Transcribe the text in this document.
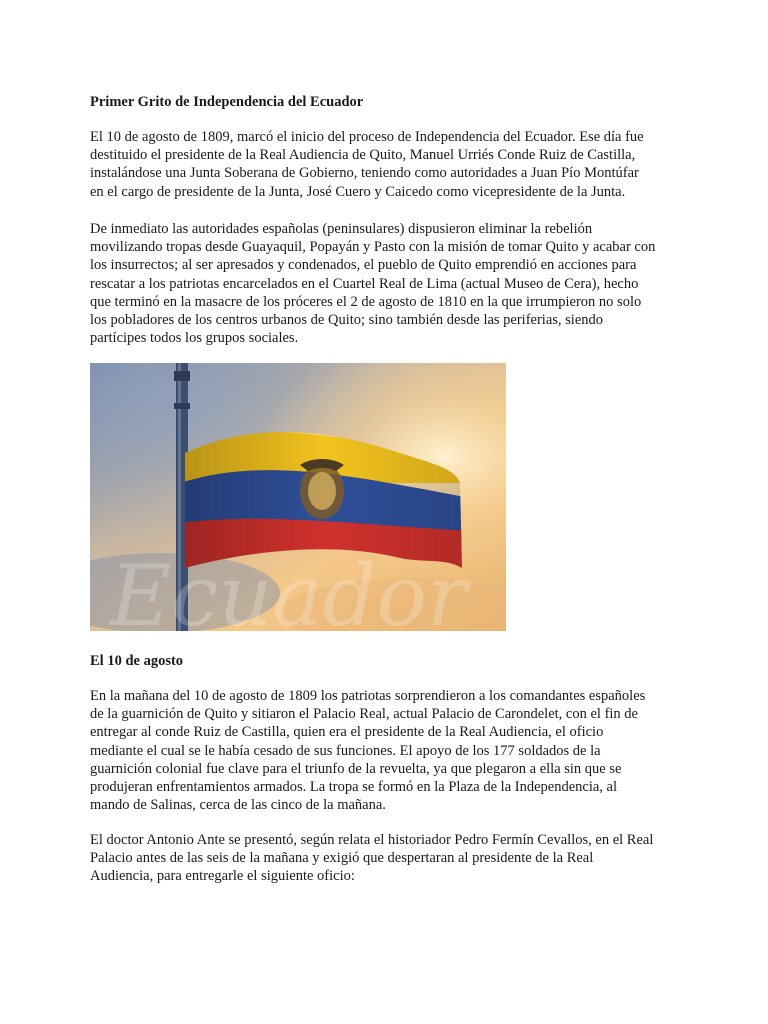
Primer Grito de Independencia del Ecuador

El 10 de agosto de 1809, marcó el inicio del proceso de Independencia del Ecuador. Ese día fue
destituido el presidente de la Real Audiencia de Quito, Manuel Urriés Conde Ruiz de Castilla,
instalándose una Junta Soberana de Gobierno, teniendo como autoridades a Juan Pío Montúfar
en el cargo de presidente de la Junta, José Cuero y Caicedo como vicepresidente de la Junta.

De inmediato las autoridades españolas (peninsulares) dispusieron eliminar la rebelión
movilizando tropas desde Guayaquil, Popayán y Pasto con la misión de tomar Quito y acabar con
los insurrectos; al ser apresados y condenados, el pueblo de Quito emprendió en acciones para
rescatar a los patriotas encarcelados en el Cuartel Real de Lima (actual Museo de Cera), hecho
que terminó en la masacre de los próceres el 2 de agosto de 1810 en la que irrumpieron no solo
los pobladores de los centros urbanos de Quito; sino también desde las periferias, siendo
partícipes todos los grupos sociales.

Ecuador

El 10 de agosto

En la mañana del 10 de agosto de 1809 los patriotas sorprendieron a los comandantes españoles
de la guarnición de Quito y sitiaron el Palacio Real, actual Palacio de Carondelet, con el fin de
entregar al conde Ruiz de Castilla, quien era el presidente de la Real Audiencia, el oficio
mediante el cual se le había cesado de sus funciones. El apoyo de los 177 soldados de la
guarnición colonial fue clave para el triunfo de la revuelta, ya que plegaron a ella sin que se
produjeran enfrentamientos armados. La tropa se formó en la Plaza de la Independencia, al
mando de Salinas, cerca de las cinco de la mañana.

El doctor Antonio Ante se presentó, según relata el historiador Pedro Fermín Cevallos, en el Real
Palacio antes de las seis de la mañana y exigió que despertaran al presidente de la Real
Audiencia, para entregarle el siguiente oficio:
